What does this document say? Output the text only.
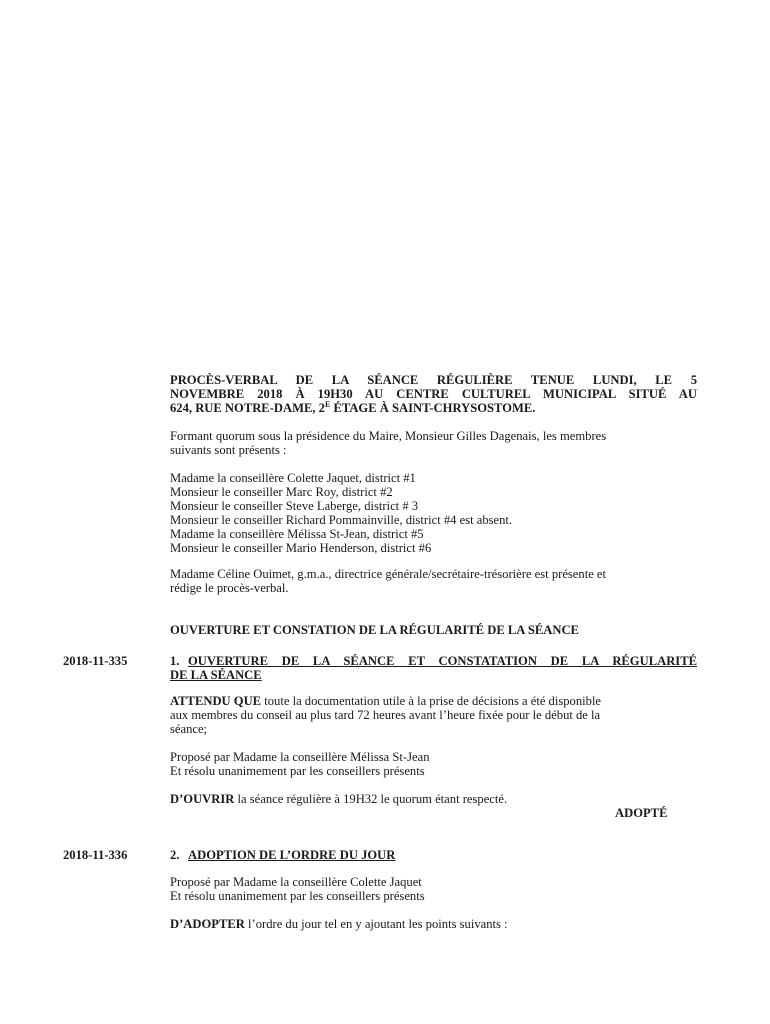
PROCÈS-VERBAL DE LA SÉANCE RÉGULIÈRE TENUE LUNDI, LE 5
NOVEMBRE 2018 À 19H30 AU CENTRE CULTUREL MUNICIPAL SITUÉ AU
624, RUE NOTRE-DAME, $2^E$ ÉTAGE À SAINT-CHRYSOSTOME.
Formant quorum sous la présidence du Maire, Monsieur Gilles Dagenais, les membres
suivants sont présents :
Madame la conseillère Colette Jaquet, district #1
Monsieur le conseiller Marc Roy, district #2
Monsieur le conseiller Steve Laberge, district # 3
Monsieur le conseiller Richard Pommainville, district #4 est absent.
Madame la conseillère Mélissa St-Jean, district #5
Monsieur le conseiller Mario Henderson, district #6
Madame Céline Ouimet, g.m.a., directrice générale/secrétaire-trésorière est présente et
rédige le procès-verbal.
OUVERTURE ET CONSTATION DE LA RÉGULARITÉ DE LA SÉANCE
2018-11-335	1. OUVERTURE DE LA SÉANCE ET CONSTATATION DE LA RÉGULARITÉ
DE LA SÉANCE
ATTENDU QUE toute la documentation utile à la prise de décisions a été disponible
aux membres du conseil au plus tard 72 heures avant l’heure fixée pour le début de la
séance;
Proposé par Madame la conseillère Mélissa St-Jean
Et résolu unanimement par les conseillers présents
D’OUVRIR la séance régulière à 19H32 le quorum étant respecté.
ADOPTÉ
2018-11-336	2. ADOPTION DE L’ORDRE DU JOUR
Proposé par Madame la conseillère Colette Jaquet
Et résolu unanimement par les conseillers présents
D’ADOPTER l’ordre du jour tel en y ajoutant les points suivants :
